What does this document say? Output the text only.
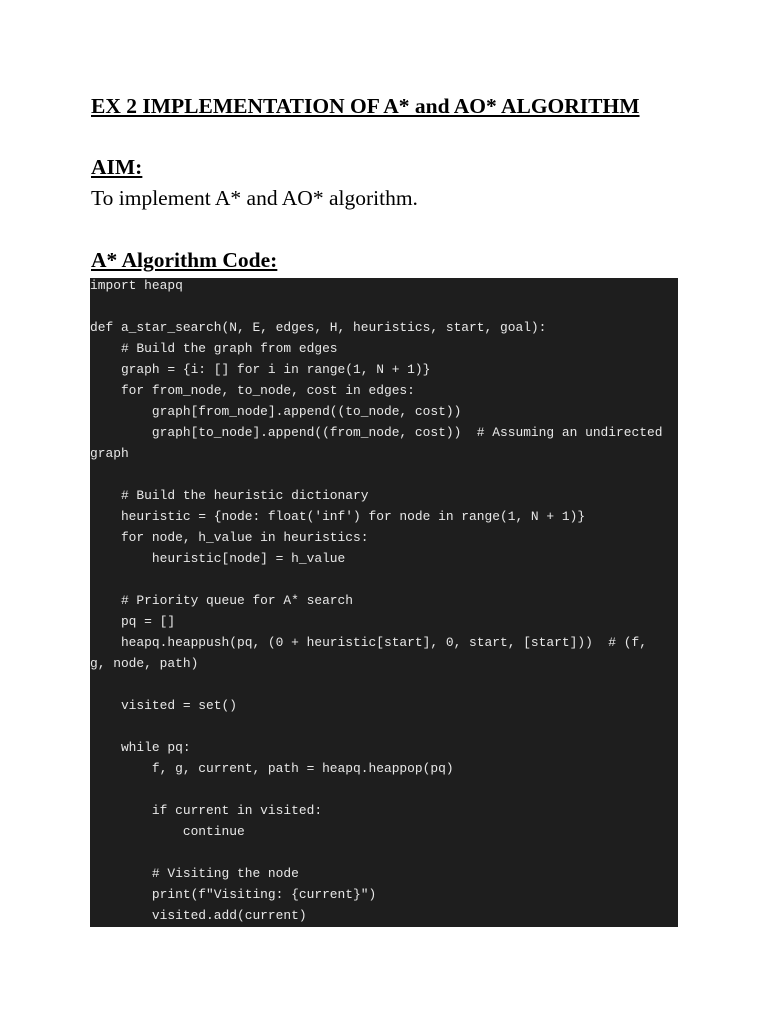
EX 2 IMPLEMENTATION OF A* and AO* ALGORITHM
AIM:

To implement A* and AO* algorithm.

A* Algorithm Code:
import heapq
def a_star_search(N, E, edges, H, heuristics, start, goal):
# Build the graph from edges
graph = {i: [] for i in range(1, N + 1)}
for from_node, to_node, cost in edges:
graph[from_node].append((to_node, cost))
graph[to_node].append((from_node, cost))  # Assuming an undirected
graph
# Build the heuristic dictionary
heuristic = {node: float('inf') for node in range(1, N + 1)}
for node, h_value in heuristics:
heuristic[node] = h_value
# Priority queue for A* search
pq = []
heapq.heappush(pq, (0 + heuristic[start], 0, start, [start]))  # (f,
g, node, path)
visited = set()
while pq:
f, g, current, path = heapq.heappop(pq)
if current in visited:
continue
# Visiting the node
print(f"Visiting: {current}")
visited.add(current)
